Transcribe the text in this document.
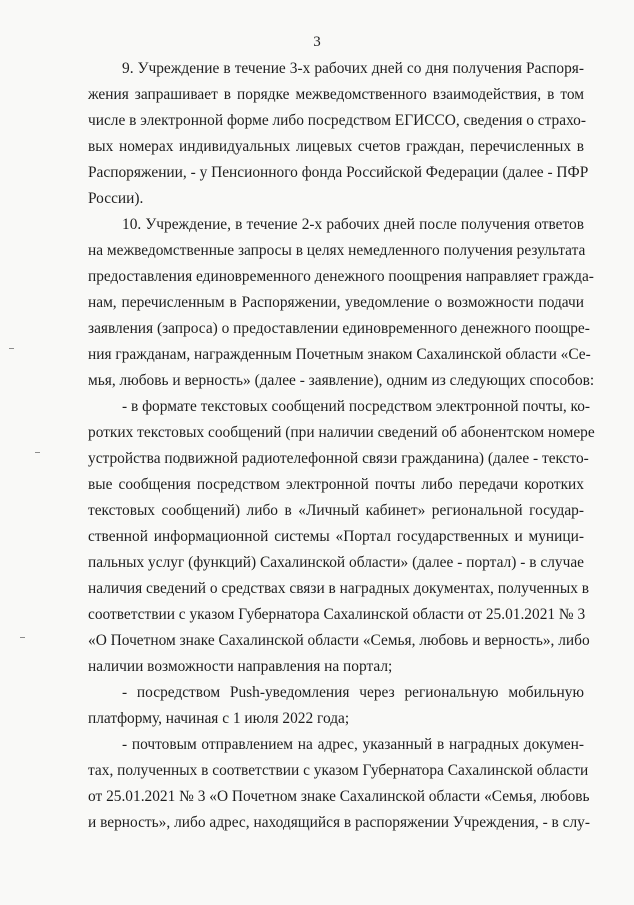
3
9. Учреждение в течение 3-х рабочих дней со дня получения Распоря-
жения запрашивает в порядке межведомственного взаимодействия, в том
числе в электронной форме либо посредством ЕГИССО, сведения о страхо-
вых номерах индивидуальных лицевых счетов граждан, перечисленных в
Распоряжении, - у Пенсионного фонда Российской Федерации (далее - ПФР
России).
10. Учреждение, в течение 2-х рабочих дней после получения ответов
на межведомственные запросы в целях немедленного получения результата
предоставления единовременного денежного поощрения направляет гражда-
нам, перечисленным в Распоряжении, уведомление о возможности подачи
заявления (запроса) о предоставлении единовременного денежного поощре-
ния гражданам, награжденным Почетным знаком Сахалинской области «Се-
мья, любовь и верность» (далее - заявление), одним из следующих способов:
- в формате текстовых сообщений посредством электронной почты, ко-
ротких текстовых сообщений (при наличии сведений об абонентском номере
устройства подвижной радиотелефонной связи гражданина) (далее - тексто-
вые сообщения посредством электронной почты либо передачи коротких
текстовых сообщений) либо в «Личный кабинет» региональной государ-
ственной информационной системы «Портал государственных и муници-
пальных услуг (функций) Сахалинской области» (далее - портал) - в случае
наличия сведений о средствах связи в наградных документах, полученных в
соответствии с указом Губернатора Сахалинской области от 25.01.2021 № 3
«О Почетном знаке Сахалинской области «Семья, любовь и верность», либо
наличии возможности направления на портал;
- посредством Push-уведомления через региональную мобильную
платформу, начиная с 1 июля 2022 года;
- почтовым отправлением на адрес, указанный в наградных докумен-
тах, полученных в соответствии с указом Губернатора Сахалинской области
от 25.01.2021 № 3 «О Почетном знаке Сахалинской области «Семья, любовь
и верность», либо адрес, находящийся в распоряжении Учреждения, - в слу-
